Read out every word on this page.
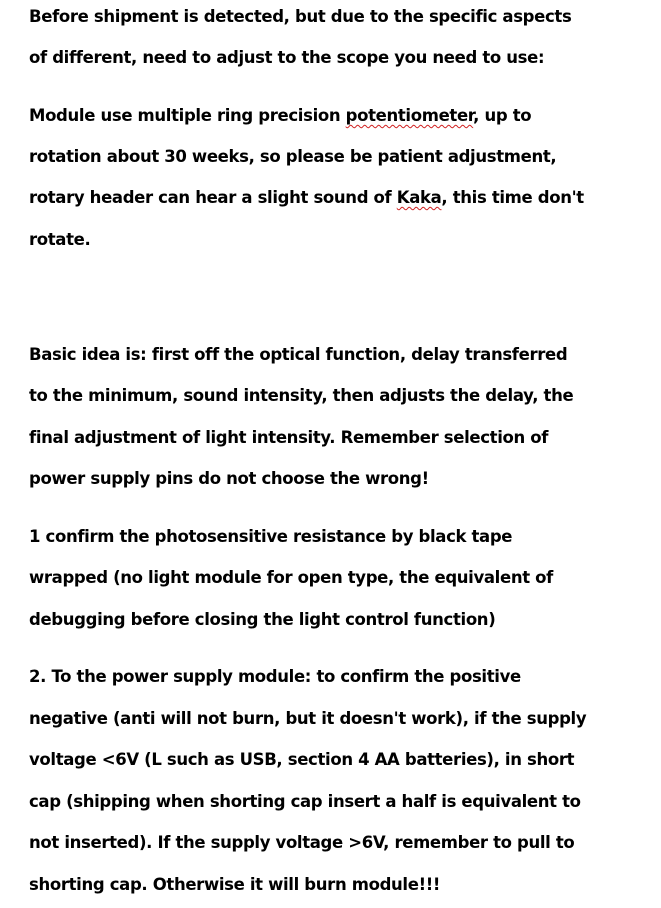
Before shipment is detected, but due to the specific aspects

of different, need to adjust to the scope you need to use:

Module use multiple ring precision potentiometer, up to

rotation about 30 weeks, so please be patient adjustment,

rotary header can hear a slight sound of Kaka, this time don't

rotate.

Basic idea is: first off the optical function, delay transferred

to the minimum, sound intensity, then adjusts the delay, the

final adjustment of light intensity. Remember selection of

power supply pins do not choose the wrong!

1 confirm the photosensitive resistance by black tape

wrapped (no light module for open type, the equivalent of

debugging before closing the light control function)

2. To the power supply module: to confirm the positive

negative (anti will not burn, but it doesn't work), if the supply

voltage <6V (L such as USB, section 4 AA batteries), in short

cap (shipping when shorting cap insert a half is equivalent to

not inserted). If the supply voltage >6V, remember to pull to

shorting cap. Otherwise it will burn module!!!
